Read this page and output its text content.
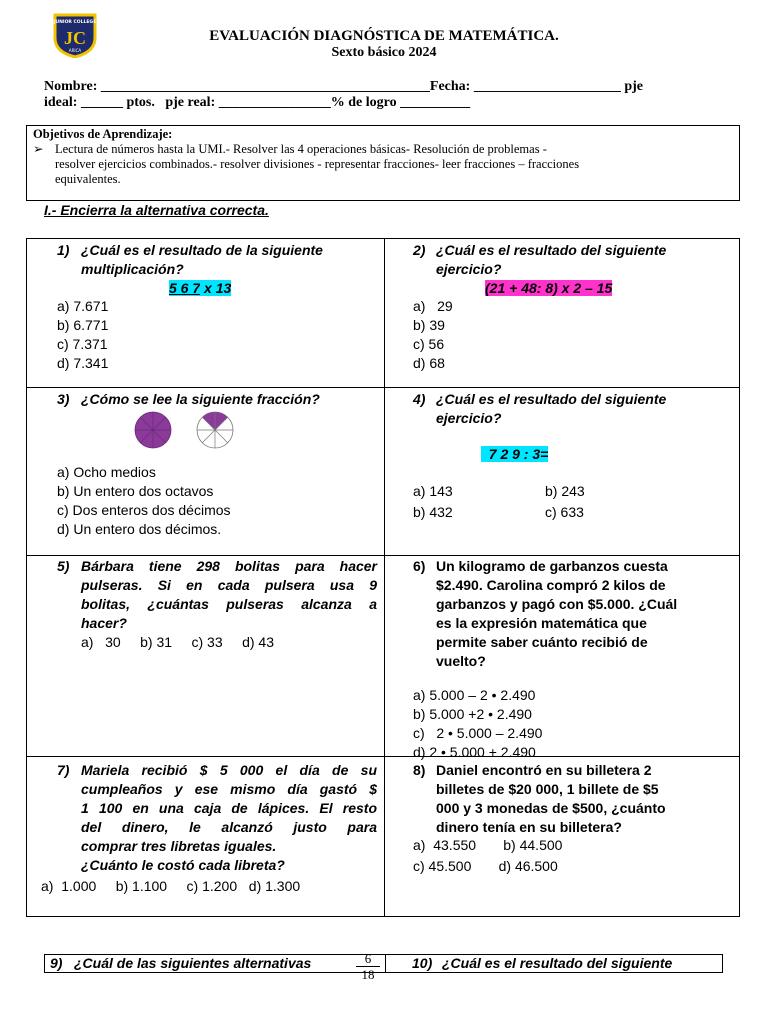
JUNIOR COLLEGE
JC
ARICA
EVALUACIÓN DIAGNÓSTICA DE MATEMÁTICA.
Sexto básico 2024
Nombre: _______________________________________________Fecha: _____________________ pje
ideal: ______ ptos.   pje real: ________________% de logro __________
Objetivos de Aprendizaje:
➢ Lectura de números hasta la UMI.- Resolver las 4 operaciones básicas- Resolución de problemas -
resolver ejercicios combinados.- resolver divisiones - representar fracciones- leer fracciones – fracciones
equivalentes.
I.- Encierra la alternativa correcta.
1) ¿Cuál es el resultado de la siguiente
multiplicación?
5 6 7 x 13
a) 7.671
b) 6.771
c) 7.371
d) 7.341
2) ¿Cuál es el resultado del siguiente
ejercicio?
(21 + 48: 8) x 2 – 15
a)   29
b) 39
c) 56
d) 68
3) ¿Cómo se lee la siguiente fracción?
a) Ocho medios
b) Un entero dos octavos
c) Dos enteros dos décimos
d) Un entero dos décimos.
4) ¿Cuál es el resultado del siguiente
ejercicio?
7 2 9 : 3=
a) 143	b) 243
b) 432	c) 633
5) Bárbara tiene 298 bolitas para hacer
pulseras. Si en cada pulsera usa 9
bolitas, ¿cuántas pulseras alcanza a
hacer?
a)   30     b) 31     c) 33     d) 43
6) Un kilogramo de garbanzos cuesta
$2.490. Carolina compró 2 kilos de
garbanzos y pagó con $5.000. ¿Cuál
es la expresión matemática que
permite saber cuánto recibió de
vuelto?
a) 5.000 – 2 • 2.490
b) 5.000 +2 • 2.490
c)   2 • 5.000 – 2.490
d) 2 • 5.000 + 2.490
7) Mariela recibió $ 5 000 el día de su
cumpleaños y ese mismo día gastó $
1 100 en una caja de lápices. El resto
del dinero, le alcanzó justo para
comprar tres libretas iguales.
¿Cuánto le costó cada libreta?
a)  1.000     b) 1.100     c) 1.200   d) 1.300
8) Daniel encontró en su billetera 2
billetes de $20 000, 1 billete de $5
000 y 3 monedas de $500, ¿cuánto
dinero tenía en su billetera?
a)  43.550       b) 44.500
c) 45.500       d) 46.500
9) ¿Cuál de las siguientes alternativas	$\frac{6}{18} 10$) ¿Cuál es el resultado del siguiente
